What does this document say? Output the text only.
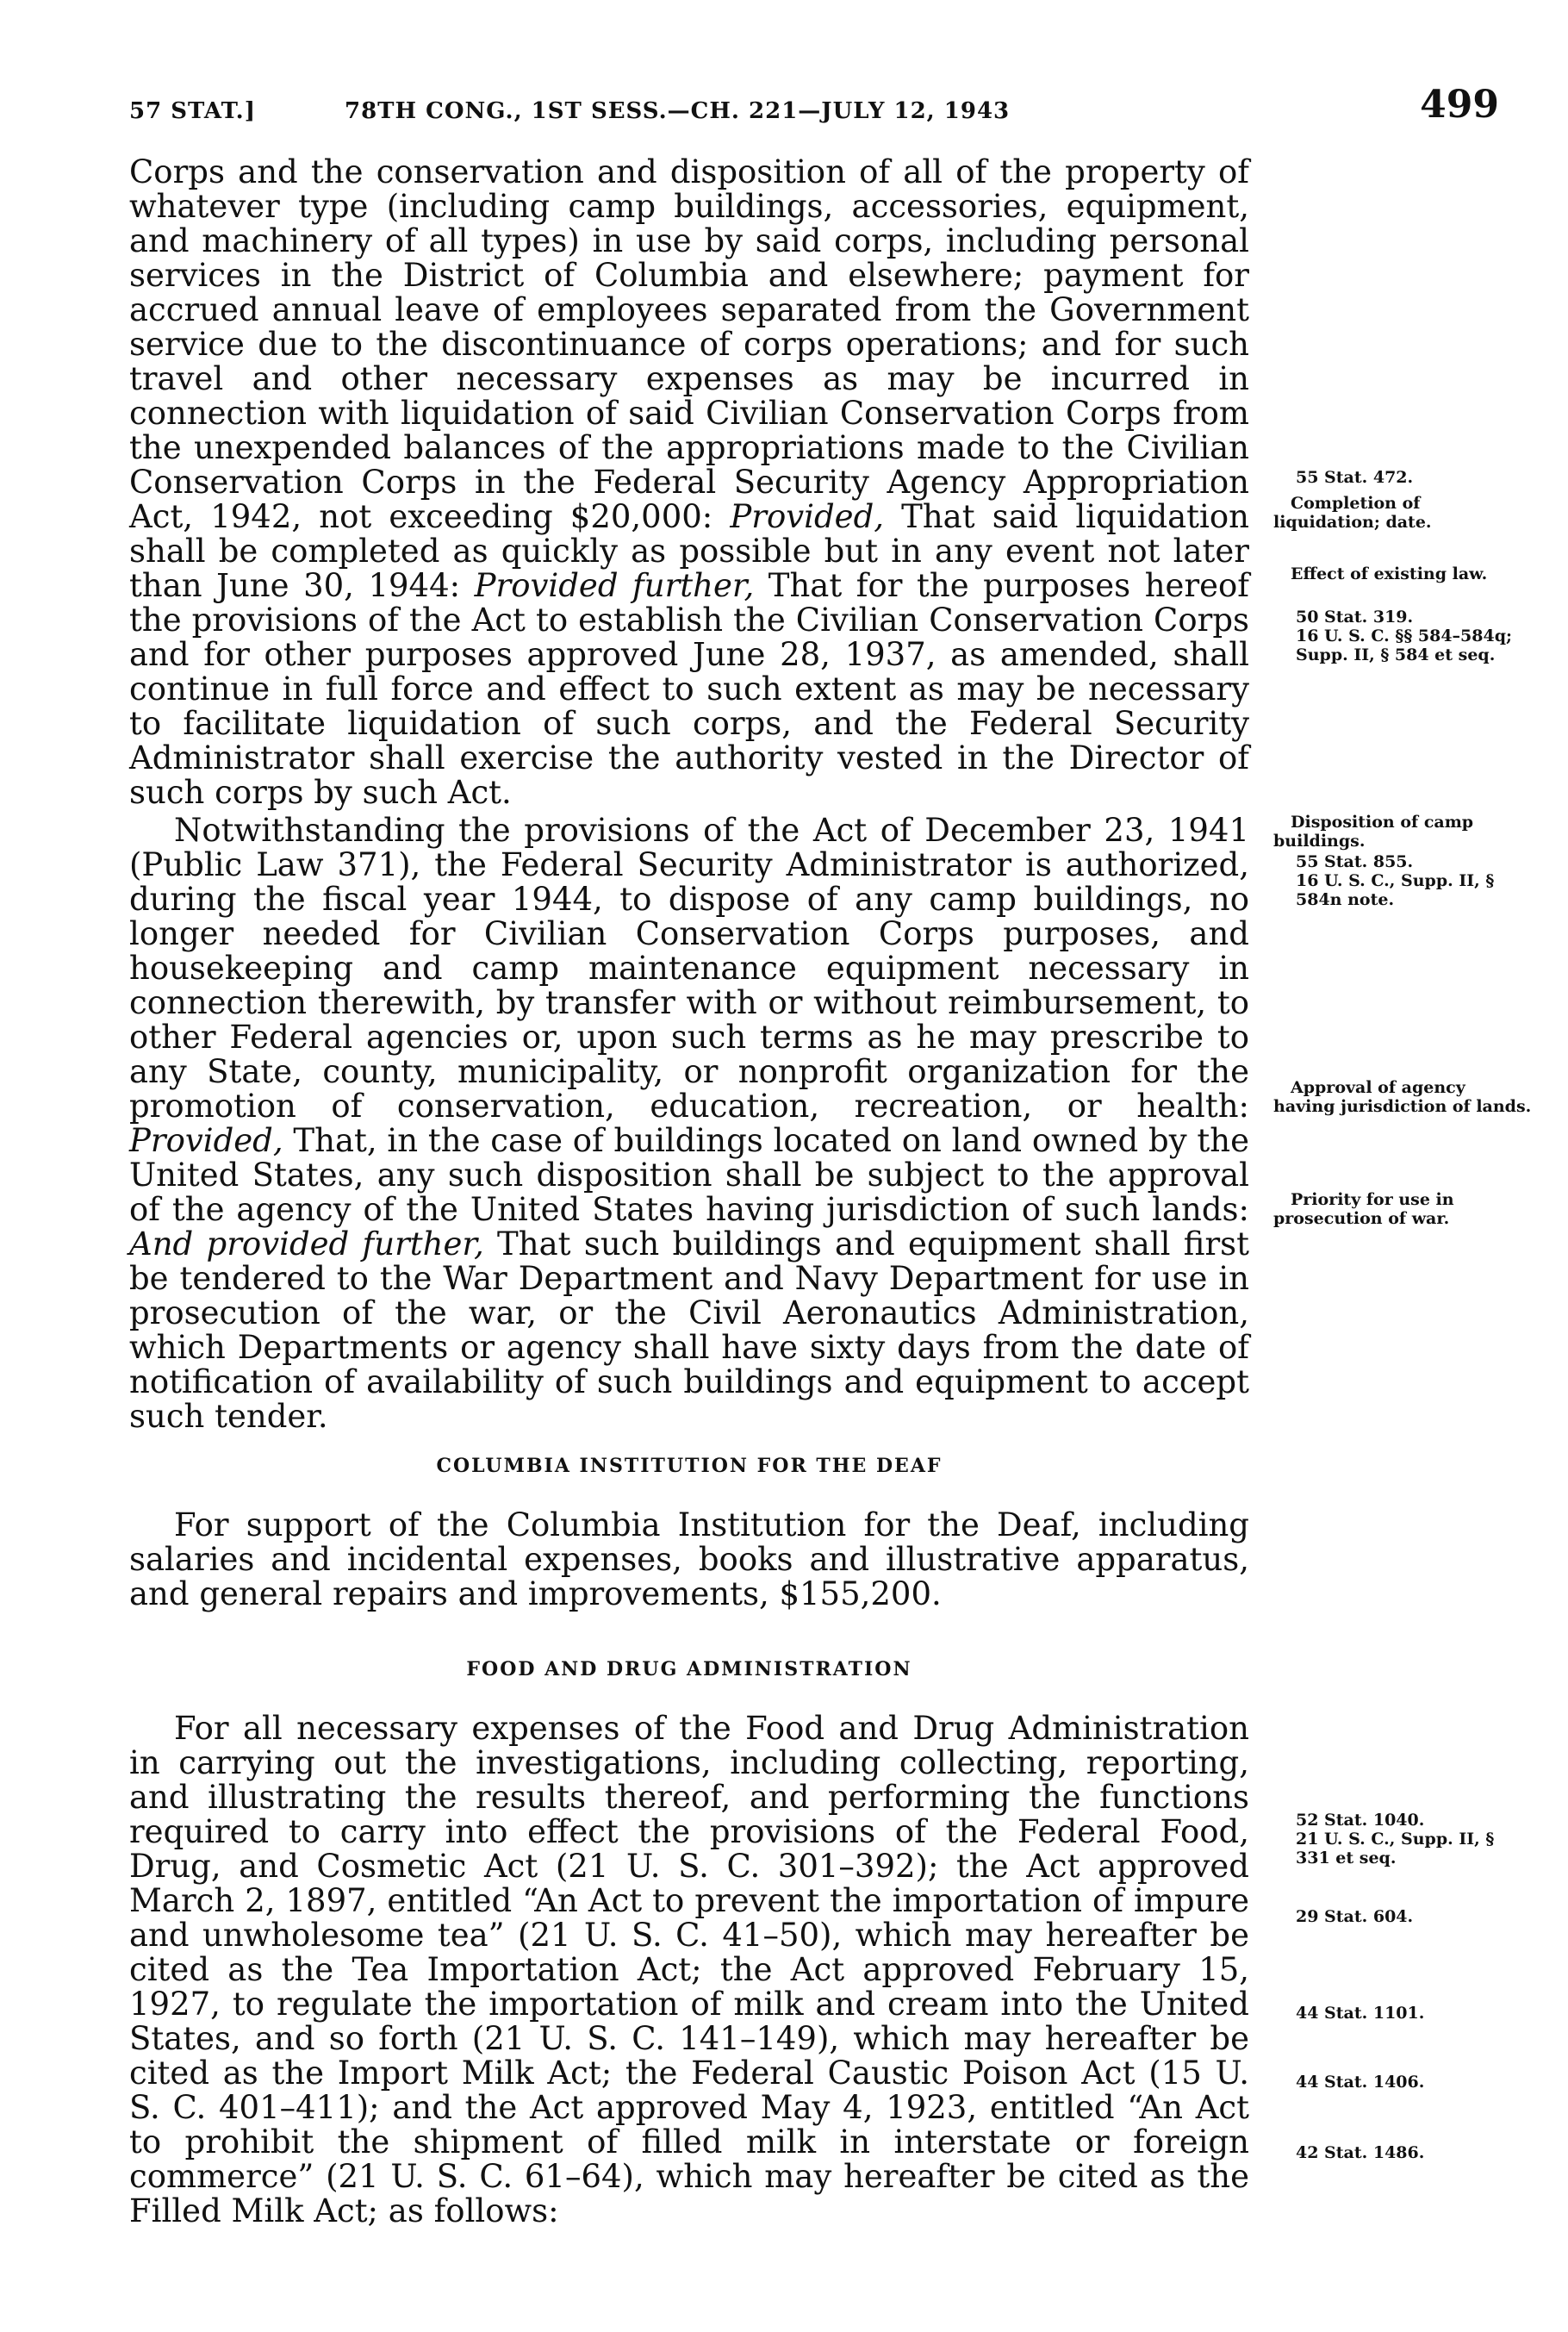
57 STAT.]	78TH CONG., 1ST SESS.—CH. 221—JULY 12, 1943	499

Corps and the conservation and disposition of all of the property of whatever type (including camp buildings, accessories, equipment, and machinery of all types) in use by said corps, including personal services in the District of Columbia and elsewhere; payment for accrued annual leave of employees separated from the Government service due to the discontinuance of corps operations; and for such travel and other necessary expenses as may be incurred in connection with liquidation of said Civilian Conservation Corps from the unexpended balances of the appropriations made to the Civilian Conservation Corps in the Federal Security Agency Appropriation Act, 1942, not exceeding $20,000: Provided, That said liquidation shall be completed as quickly as possible but in any event not later than June 30, 1944: Provided further, That for the purposes hereof the provisions of the Act to establish the Civilian Conservation Corps and for other purposes approved June 28, 1937, as amended, shall continue in full force and effect to such extent as may be necessary to facilitate liquidation of such corps, and the Federal Security Administrator shall exercise the authority vested in the Director of such corps by such Act.

Notwithstanding the provisions of the Act of December 23, 1941 (Public Law 371), the Federal Security Administrator is authorized, during the fiscal year 1944, to dispose of any camp buildings, no longer needed for Civilian Conservation Corps purposes, and housekeeping and camp maintenance equipment necessary in connection therewith, by transfer with or without reimbursement, to other Federal agencies or, upon such terms as he may prescribe to any State, county, municipality, or nonprofit organization for the promotion of conservation, education, recreation, or health: Provided, That, in the case of buildings located on land owned by the United States, any such disposition shall be subject to the approval of the agency of the United States having jurisdiction of such lands: And provided further, That such buildings and equipment shall first be tendered to the War Department and Navy Department for use in prosecution of the war, or the Civil Aeronautics Administration, which Departments or agency shall have sixty days from the date of notification of availability of such buildings and equipment to accept such tender.

COLUMBIA INSTITUTION FOR THE DEAF

For support of the Columbia Institution for the Deaf, including salaries and incidental expenses, books and illustrative apparatus, and general repairs and improvements, $155,200.

FOOD AND DRUG ADMINISTRATION

For all necessary expenses of the Food and Drug Administration in carrying out the investigations, including collecting, reporting, and illustrating the results thereof, and performing the functions required to carry into effect the provisions of the Federal Food, Drug, and Cosmetic Act (21 U. S. C. 301–392); the Act approved March 2, 1897, entitled “An Act to prevent the importation of impure and unwholesome tea” (21 U. S. C. 41–50), which may hereafter be cited as the Tea Importation Act; the Act approved February 15, 1927, to regulate the importation of milk and cream into the United States, and so forth (21 U. S. C. 141–149), which may hereafter be cited as the Import Milk Act; the Federal Caustic Poison Act (15 U. S. C. 401–411); and the Act approved May 4, 1923, entitled “An Act to prohibit the shipment of filled milk in interstate or foreign commerce” (21 U. S. C. 61–64), which may hereafter be cited as the Filled Milk Act; as follows:

55 Stat. 472.
Completion of liquidation; date.
Effect of existing law.
50 Stat. 319.
16 U. S. C. §§ 584–584q; Supp. II, § 584 et seq.
Disposition of camp buildings.
55 Stat. 855.
16 U. S. C., Supp. II, § 584n note.
Approval of agency having jurisdiction of lands.
Priority for use in prosecution of war.
52 Stat. 1040.
21 U. S. C., Supp. II, § 331 et seq.
29 Stat. 604.
44 Stat. 1101.
44 Stat. 1406.
42 Stat. 1486.
